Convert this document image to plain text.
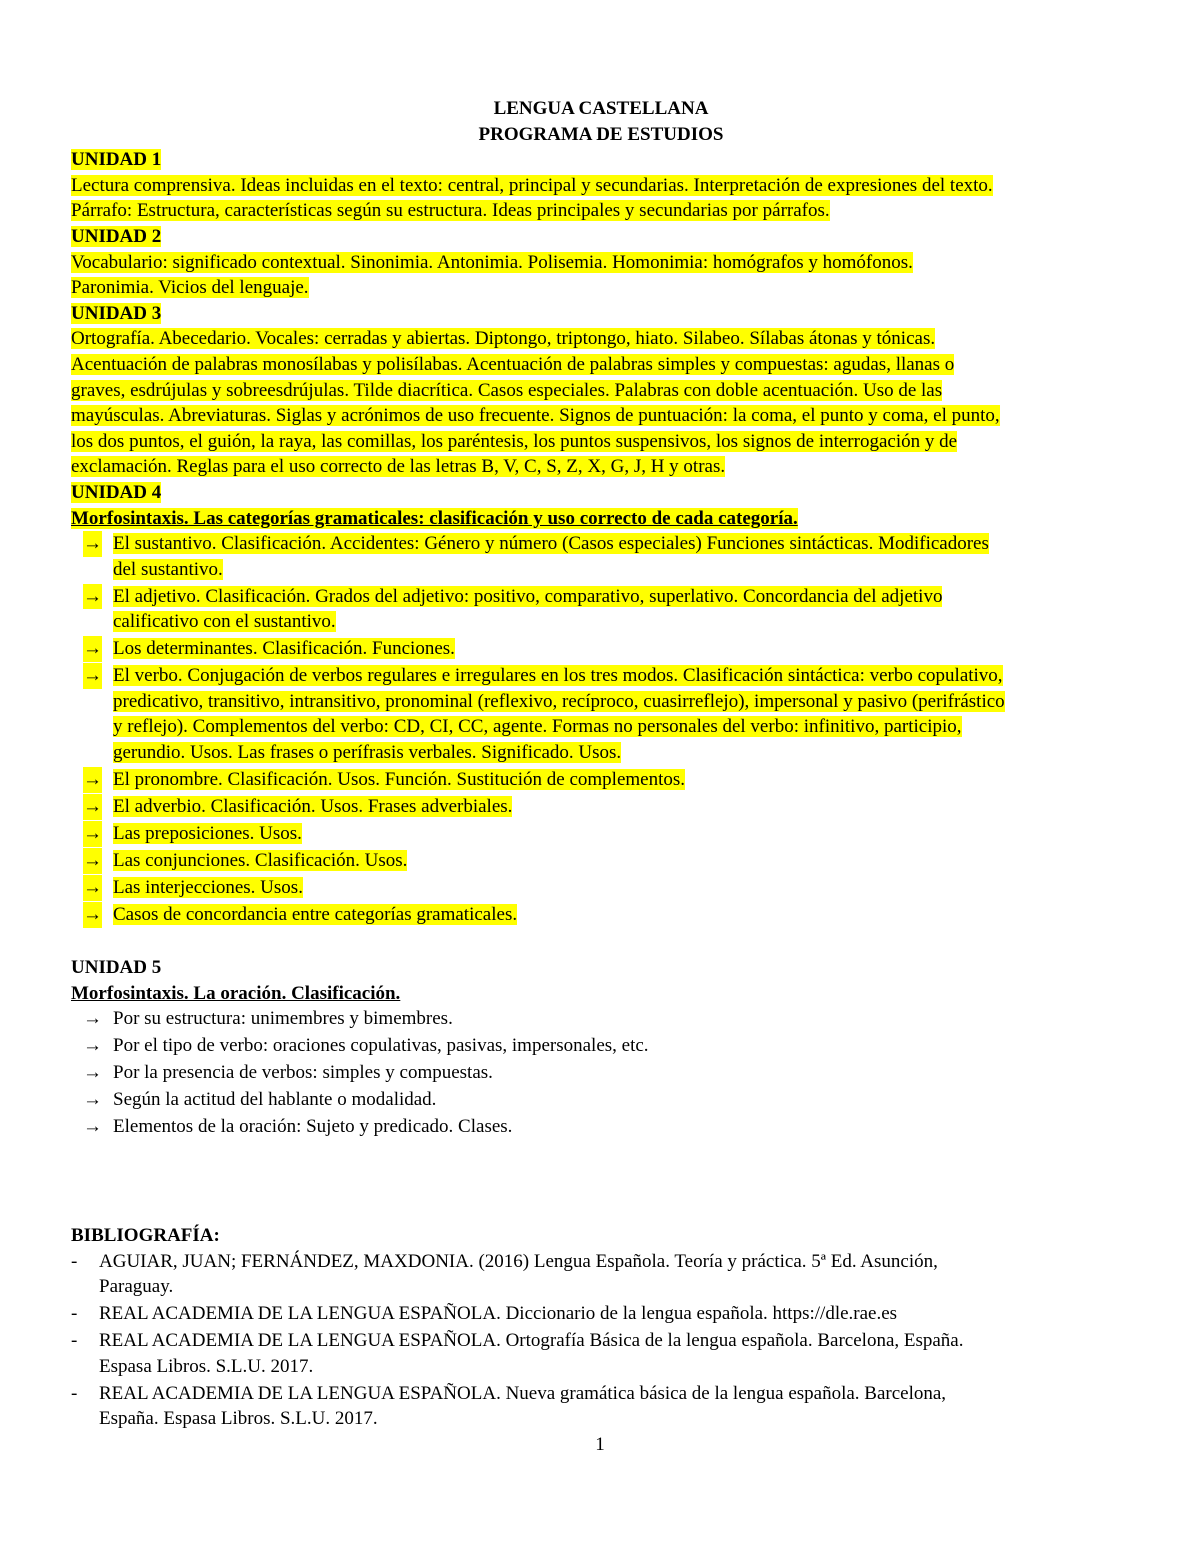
LENGUA CASTELLANA
PROGRAMA DE ESTUDIOS
UNIDAD 1
Lectura comprensiva. Ideas incluidas en el texto: central, principal y secundarias. Interpretación de expresiones del texto.
Párrafo: Estructura, características según su estructura. Ideas principales y secundarias por párrafos.
UNIDAD 2
Vocabulario: significado contextual. Sinonimia. Antonimia. Polisemia. Homonimia: homógrafos y homófonos.
Paronimia. Vicios del lenguaje.
UNIDAD 3
Ortografía. Abecedario. Vocales: cerradas y abiertas. Diptongo, triptongo, hiato. Silabeo. Sílabas átonas y tónicas.
Acentuación de palabras monosílabas y polisílabas. Acentuación de palabras simples y compuestas: agudas, llanas o
graves, esdrújulas y sobreesdrújulas. Tilde diacrítica. Casos especiales. Palabras con doble acentuación. Uso de las
mayúsculas. Abreviaturas. Siglas y acrónimos de uso frecuente. Signos de puntuación: la coma, el punto y coma, el punto,
los dos puntos, el guión, la raya, las comillas, los paréntesis, los puntos suspensivos, los signos de interrogación y de
exclamación. Reglas para el uso correcto de las letras B, V, C, S, Z, X, G, J, H y otras.
UNIDAD 4
Morfosintaxis. Las categorías gramaticales: clasificación y uso correcto de cada categoría.
→ El sustantivo. Clasificación. Accidentes: Género y número (Casos especiales) Funciones sintácticas. Modificadores
del sustantivo.
→ El adjetivo. Clasificación. Grados del adjetivo: positivo, comparativo, superlativo. Concordancia del adjetivo
calificativo con el sustantivo.
→ Los determinantes. Clasificación. Funciones.
→ El verbo. Conjugación de verbos regulares e irregulares en los tres modos. Clasificación sintáctica: verbo copulativo,
predicativo, transitivo, intransitivo, pronominal (reflexivo, recíproco, cuasirreflejo), impersonal y pasivo (perifrástico
y reflejo). Complementos del verbo: CD, CI, CC, agente. Formas no personales del verbo: infinitivo, participio,
gerundio. Usos. Las frases o perífrasis verbales. Significado. Usos.
→ El pronombre. Clasificación. Usos. Función. Sustitución de complementos.
→ El adverbio. Clasificación. Usos. Frases adverbiales.
→ Las preposiciones. Usos.
→ Las conjunciones. Clasificación. Usos.
→ Las interjecciones. Usos.
→ Casos de concordancia entre categorías gramaticales.
UNIDAD 5
Morfosintaxis. La oración. Clasificación.
→ Por su estructura: unimembres y bimembres.
→ Por el tipo de verbo: oraciones copulativas, pasivas, impersonales, etc.
→ Por la presencia de verbos: simples y compuestas.
→ Según la actitud del hablante o modalidad.
→ Elementos de la oración: Sujeto y predicado. Clases.
BIBLIOGRAFÍA:
- AGUIAR, JUAN; FERNÁNDEZ, MAXDONIA. (2016) Lengua Española. Teoría y práctica. 5ª Ed. Asunción,
Paraguay.
- REAL ACADEMIA DE LA LENGUA ESPAÑOLA. Diccionario de la lengua española. https://dle.rae.es
- REAL ACADEMIA DE LA LENGUA ESPAÑOLA. Ortografía Básica de la lengua española. Barcelona, España.
Espasa Libros. S.L.U. 2017.
- REAL ACADEMIA DE LA LENGUA ESPAÑOLA. Nueva gramática básica de la lengua española. Barcelona,
España. Espasa Libros. S.L.U. 2017.
1
